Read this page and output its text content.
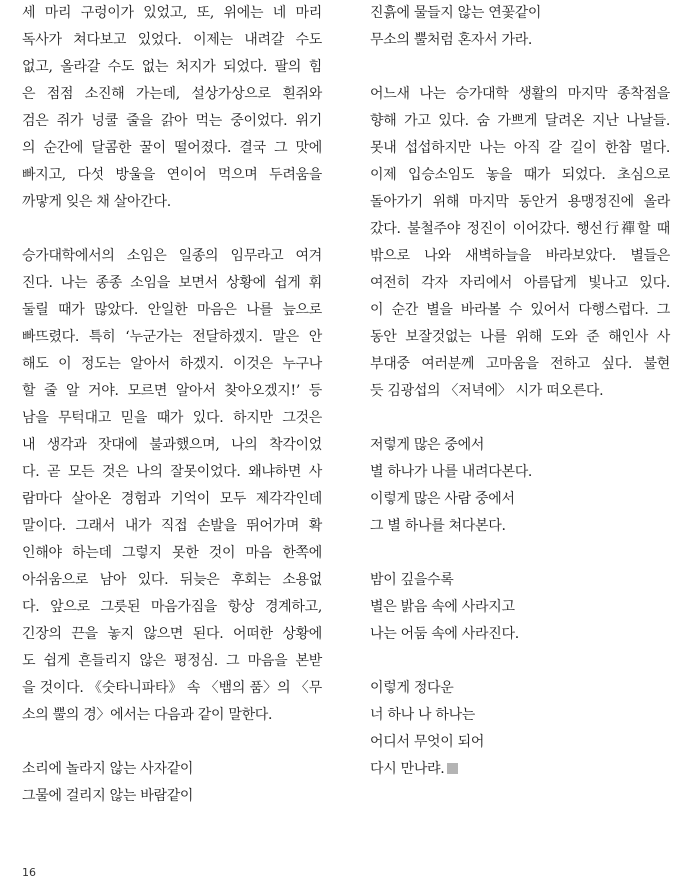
세 마리 구렁이가 있었고, 또, 위에는 네 마리
독사가 쳐다보고 있었다. 이제는 내려갈 수도
없고, 올라갈 수도 없는 처지가 되었다. 팔의 힘
은 점점 소진해 가는데, 설상가상으로 흰쥐와
검은 쥐가 넝쿨 줄을 갉아 먹는 중이었다. 위기
의 순간에 달콤한 꿀이 떨어졌다. 결국 그 맛에
빠지고, 다섯 방울을 연이어 먹으며 두려움을
까맣게 잊은 채 살아간다.
승가대학에서의 소임은 일종의 임무라고 여겨
진다. 나는 종종 소임을 보면서 상황에 쉽게 휘
둘릴 때가 많았다. 안일한 마음은 나를 늪으로
빠뜨렸다. 특히 ‘누군가는 전달하겠지. 말은 안
해도 이 정도는 알아서 하겠지. 이것은 누구나
할 줄 알 거야. 모르면 알아서 찾아오겠지!’ 등
남을 무턱대고 믿을 때가 있다. 하지만 그것은
내 생각과 잣대에 불과했으며, 나의 착각이었
다. 곧 모든 것은 나의 잘못이었다. 왜냐하면 사
람마다 살아온 경험과 기억이 모두 제각각인데
말이다. 그래서 내가 직접 손발을 뛰어가며 확
인해야 하는데 그렇지 못한 것이 마음 한쪽에
아쉬움으로 남아 있다. 뒤늦은 후회는 소용없
다. 앞으로 그릇된 마음가짐을 항상 경계하고,
긴장의 끈을 놓지 않으면 된다. 어떠한 상황에
도 쉽게 흔들리지 않은 평정심. 그 마음을 본받
을 것이다. 《숫타니파타》 속 〈뱀의 품〉의 〈무
소의 뿔의 경〉에서는 다음과 같이 말한다.
소리에 놀라지 않는 사자같이
그물에 걸리지 않는 바람같이
진흙에 물들지 않는 연꽃같이
무소의 뿔처럼 혼자서 가라.
어느새 나는 승가대학 생활의 마지막 종착점을
향해 가고 있다. 숨 가쁘게 달려온 지난 나날들.
못내 섭섭하지만 나는 아직 갈 길이 한참 멀다.
이제 입승소임도 놓을 때가 되었다. 초심으로
돌아가기 위해 마지막 동안거 용맹정진에 올라
갔다. 불철주야 정진이 이어갔다. 행선行禪할 때
밖으로 나와 새벽하늘을 바라보았다. 별들은
여전히 각자 자리에서 아름답게 빛나고 있다.
이 순간 별을 바라볼 수 있어서 다행스럽다. 그
동안 보잘것없는 나를 위해 도와 준 해인사 사
부대중 여러분께 고마움을 전하고 싶다. 불현
듯 김광섭의 〈저녁에〉 시가 떠오른다.
저렇게 많은 중에서
별 하나가 나를 내려다본다.
이렇게 많은 사람 중에서
그 별 하나를 쳐다본다.
밤이 깊을수록
별은 밝음 속에 사라지고
나는 어둠 속에 사라진다.
이렇게 정다운
너 하나 나 하나는
어디서 무엇이 되어
다시 만나랴.
16
